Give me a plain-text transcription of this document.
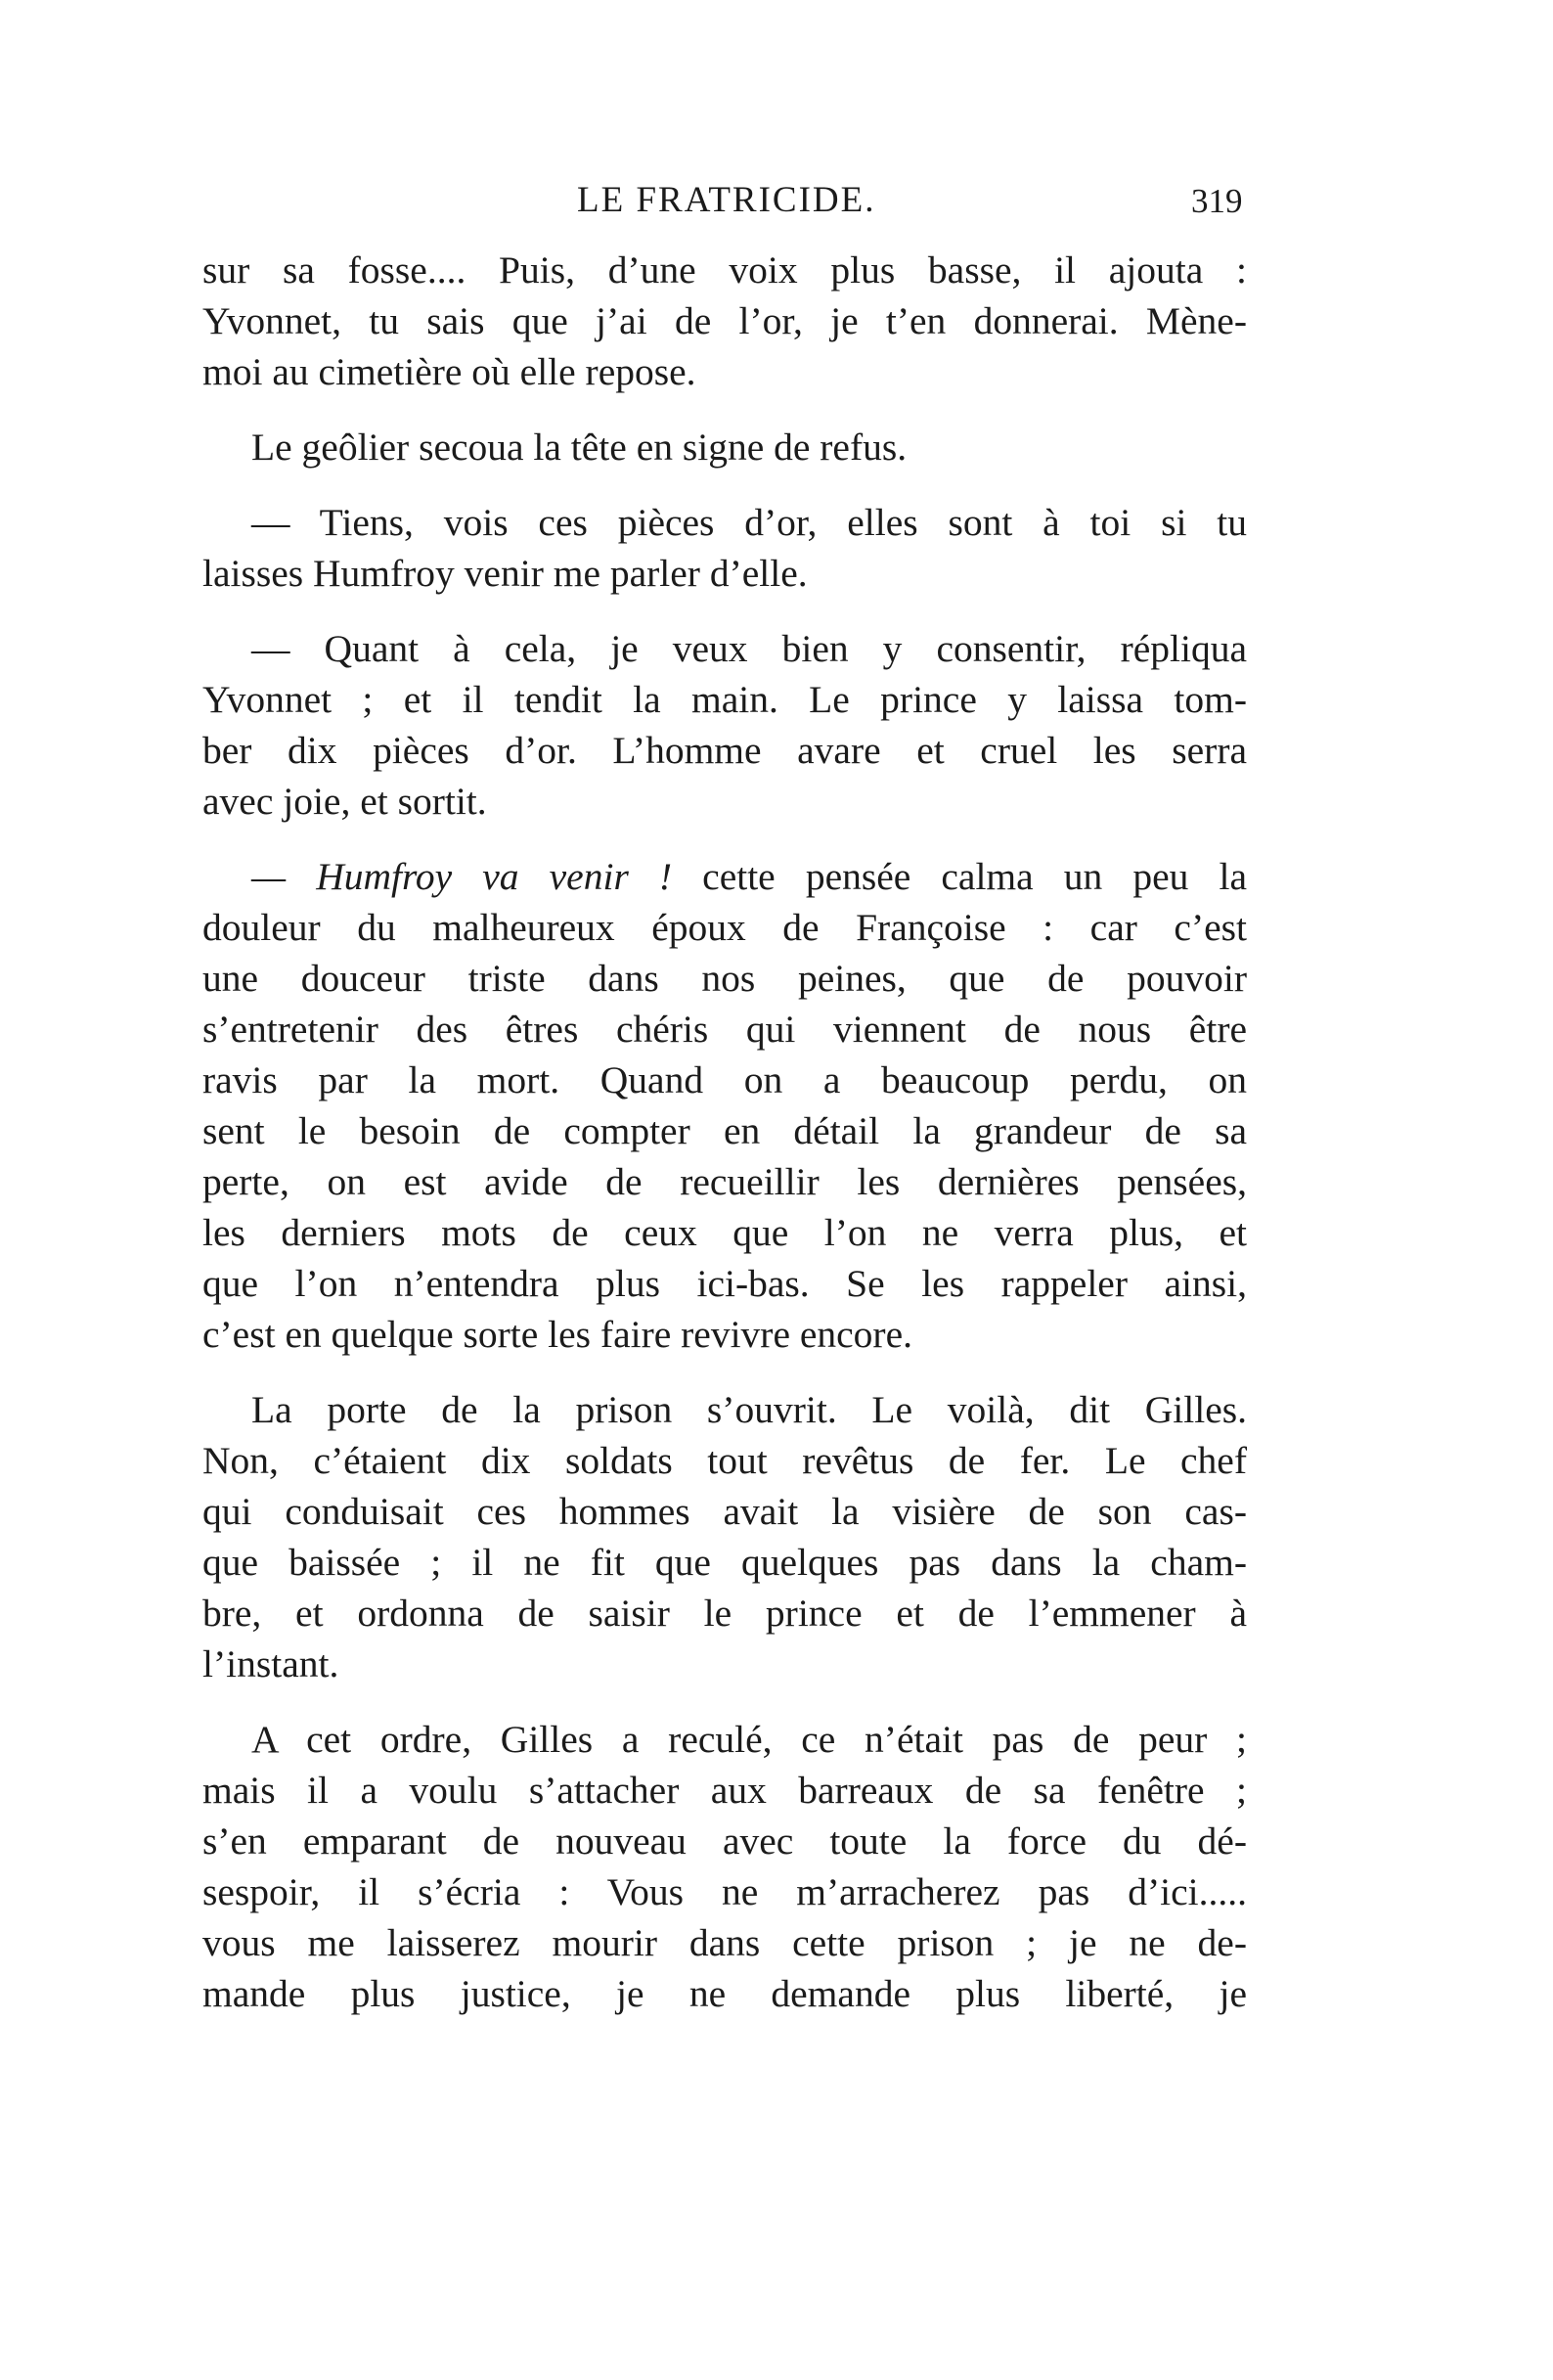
LE FRATRICIDE.	319
sur sa fosse.... Puis, d’une voix plus basse, il ajouta :
Yvonnet, tu sais que j’ai de l’or, je t’en donnerai. Mène-
moi au cimetière où elle repose.
Le geôlier secoua la tête en signe de refus.
— Tiens, vois ces pièces d’or, elles sont à toi si tu
laisses Humfroy venir me parler d’elle.
— Quant à cela, je veux bien y consentir, répliqua
Yvonnet ; et il tendit la main. Le prince y laissa tom-
ber dix pièces d’or. L’homme avare et cruel les serra
avec joie, et sortit.
— Humfroy va venir ! cette pensée calma un peu la
douleur du malheureux époux de Françoise : car c’est
une douceur triste dans nos peines, que de pouvoir
s’entretenir des êtres chéris qui viennent de nous être
ravis par la mort. Quand on a beaucoup perdu, on
sent le besoin de compter en détail la grandeur de sa
perte, on est avide de recueillir les dernières pensées,
les derniers mots de ceux que l’on ne verra plus, et
que l’on n’entendra plus ici-bas. Se les rappeler ainsi,
c’est en quelque sorte les faire revivre encore.
La porte de la prison s’ouvrit. Le voilà, dit Gilles.
Non, c’étaient dix soldats tout revêtus de fer. Le chef
qui conduisait ces hommes avait la visière de son cas-
que baissée ; il ne fit que quelques pas dans la cham-
bre, et ordonna de saisir le prince et de l’emmener à
l’instant.
A cet ordre, Gilles a reculé, ce n’était pas de peur ;
mais il a voulu s’attacher aux barreaux de sa fenêtre ;
s’en emparant de nouveau avec toute la force du dé-
sespoir, il s’écria : Vous ne m’arracherez pas d’ici.....
vous me laisserez mourir dans cette prison ; je ne de-
mande plus justice, je ne demande plus liberté, je
